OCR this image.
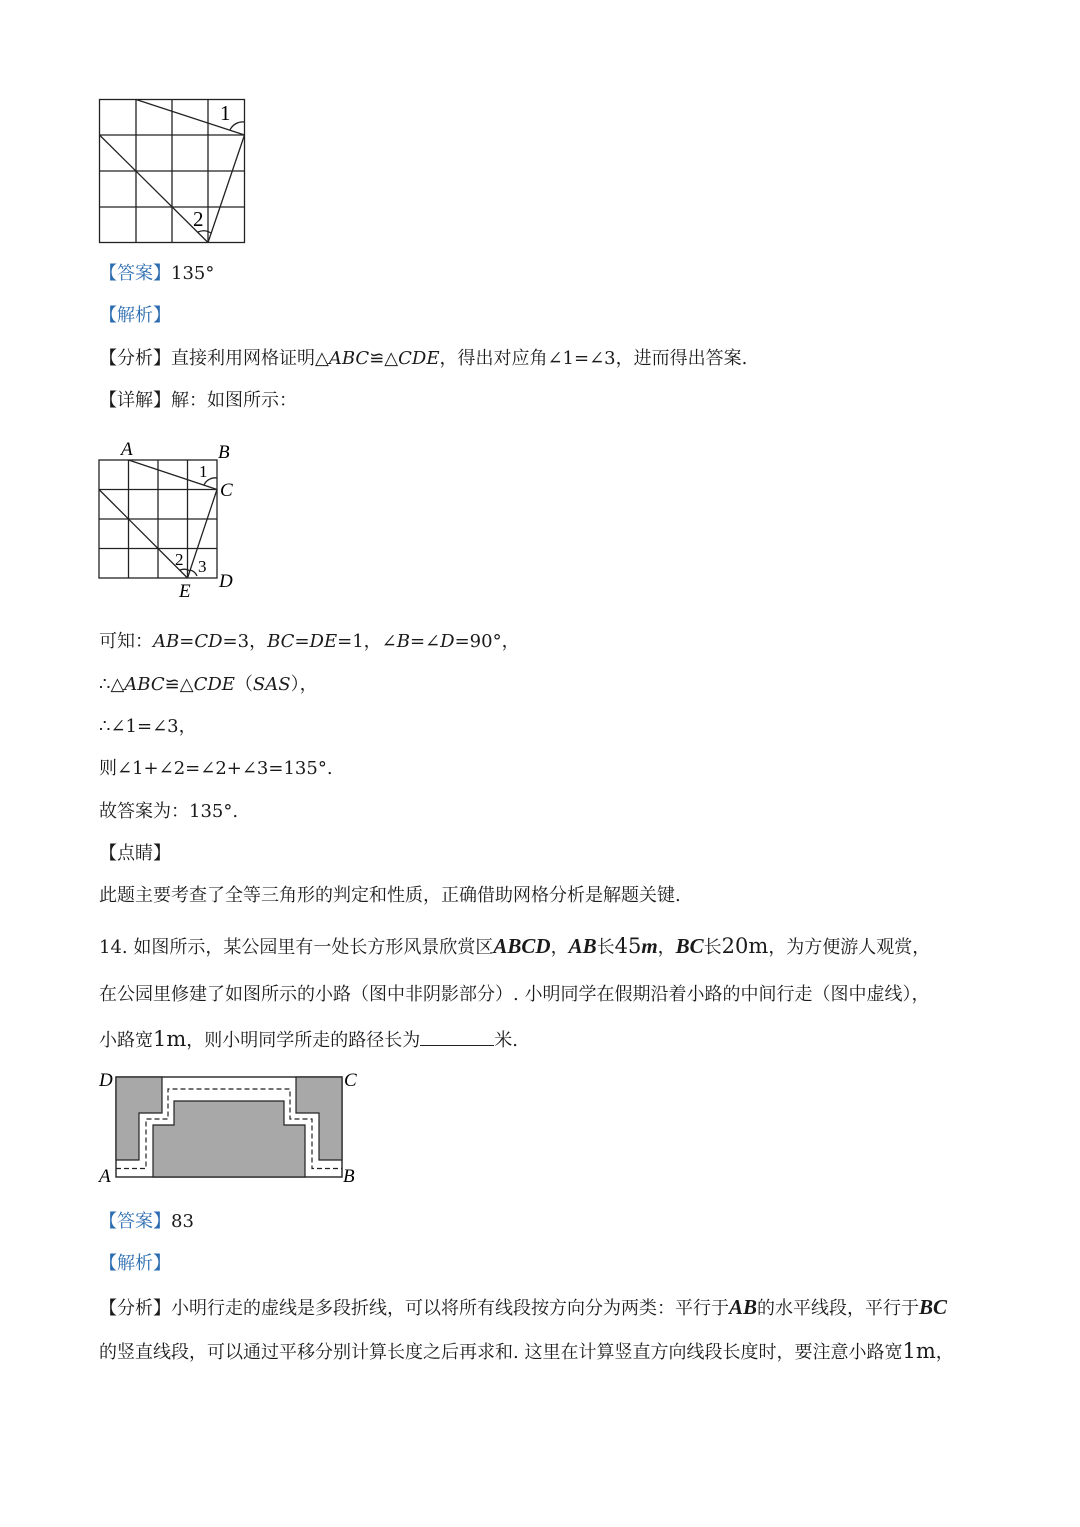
1
2
【答案】135°
【解析】
【分析】直接利用网格证明△ABC≌△CDE，得出对应角∠1=∠3，进而得出答案.
【详解】解：如图所示：
A	B
C
D
E
1
2 3
可知：AB=CD=3，BC=DE=1，∠B=∠D=90°，
∴△ABC≌△CDE（SAS），
∴∠1=∠3，
则∠1+∠2=∠2+∠3=135°.
故答案为：135°.
【点睛】
此题主要考查了全等三角形的判定和性质，正确借助网格分析是解题关键.
14. 如图所示，某公园里有一处长方形风景欣赏区ABCD，AB长45m，BC长20m，为方便游人观赏，
在公园里修建了如图所示的小路（图中非阴影部分）. 小明同学在假期沿着小路的中间行走（图中虚线），
小路宽1m，则小明同学所走的路径长为	米.
D	C
A	B
【答案】83
【解析】
【分析】小明行走的虚线是多段折线，可以将所有线段按方向分为两类：平行于AB的水平线段，平行于BC
的竖直线段，可以通过平移分别计算长度之后再求和. 这里在计算竖直方向线段长度时，要注意小路宽1m，
